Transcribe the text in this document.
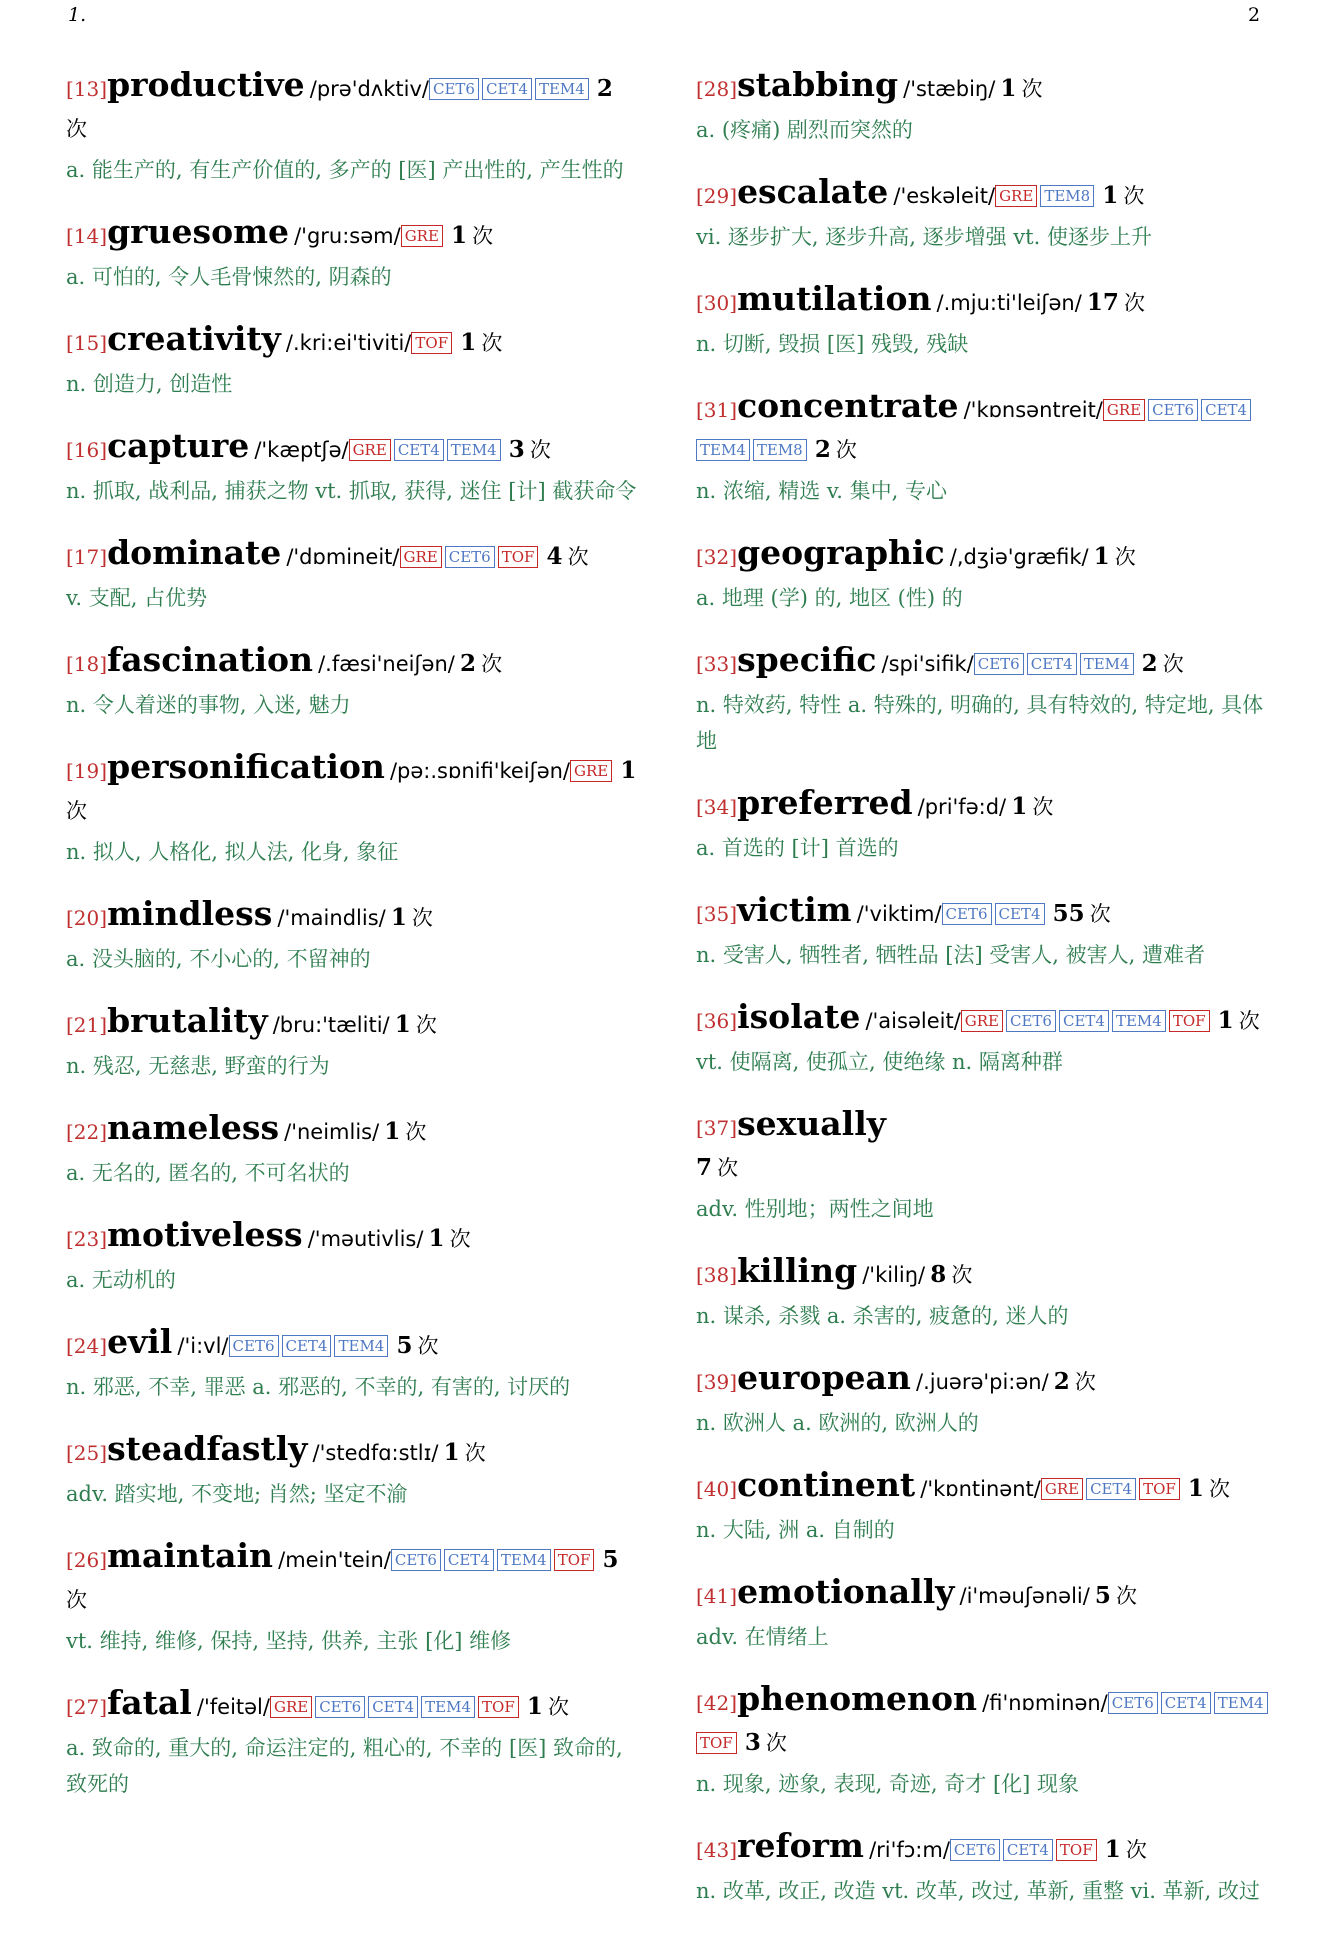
1.	2
[13]productive /prə'dʌktiv/ CET6 CET4 TEM4 2 次
a. 能生产的, 有生产价值的, 多产的 [医] 产出性的, 产生性的
[14]gruesome /'gru:səm/ GRE 1 次
a. 可怕的, 令人毛骨悚然的, 阴森的
[15]creativity /.kri:ei'tiviti/ TOF 1 次
n. 创造力, 创造性
[16]capture /'kæptʃə/ GRE CET4 TEM4 3 次
n. 抓取, 战利品, 捕获之物 vt. 抓取, 获得, 迷住 [计] 截获命令
[17]dominate /'dɒmineit/ GRE CET6 TOF 4 次
v. 支配, 占优势
[18]fascination /.fæsi'neiʃən/ 2 次
n. 令人着迷的事物, 入迷, 魅力
[19]personification /pə:.sɒnifi'keiʃən/ GRE 1
次
n. 拟人, 人格化, 拟人法, 化身, 象征
[20]mindless /'maindlis/ 1 次
a. 没头脑的, 不小心的, 不留神的
[21]brutality /bru:'tæliti/ 1 次
n. 残忍, 无慈悲, 野蛮的行为
[22]nameless /'neimlis/ 1 次
a. 无名的, 匿名的, 不可名状的
[23]motiveless /'məutivlis/ 1 次
a. 无动机的
[24]evil /'i:vl/ CET6 CET4 TEM4 5 次
n. 邪恶, 不幸, 罪恶 a. 邪恶的, 不幸的, 有害的, 讨厌的
[25]steadfastly /'stedfɑ:stlɪ/ 1 次
adv. 踏实地, 不变地; 肖然; 坚定不渝
[26]maintain /mein'tein/ CET6 CET4 TEM4 TOF 5
次
vt. 维持, 维修, 保持, 坚持, 供养, 主张 [化] 维修
[27]fatal /'feitəl/ GRE CET6 CET4 TEM4 TOF 1 次
a. 致命的, 重大的, 命运注定的, 粗心的, 不幸的 [医] 致命的, 致死的
[28]stabbing /'stæbiŋ/ 1 次
a. (疼痛) 剧烈而突然的
[29]escalate /'eskəleit/ GRE TEM8 1 次
vi. 逐步扩大, 逐步升高, 逐步增强 vt. 使逐步上升
[30]mutilation /.mju:ti'leiʃən/ 17 次
n. 切断, 毁损 [医] 残毁, 残缺
[31]concentrate /'kɒnsəntreit/ GRE CET6 CET4TEM4 TEM8 2 次
n. 浓缩, 精选 v. 集中, 专心
[32]geographic /,dʒiə'græfik/ 1 次
a. 地理 (学) 的, 地区 (性) 的
[33]specific /spi'sifik/ CET6 CET4 TEM4 2 次
n. 特效药, 特性 a. 特殊的, 明确的, 具有特效的, 特定地, 具体地
[34]preferred /pri'fə:d/ 1 次
a. 首选的 [计] 首选的
[35]victim /'viktim/ CET6 CET4 55 次
n. 受害人, 牺牲者, 牺牲品 [法] 受害人, 被害人, 遭难者
[36]isolate /'aisəleit/ GRE CET6 CET4 TEM4 TOF 1 次
vt. 使隔离, 使孤立, 使绝缘 n. 隔离种群
[37]sexually
7 次
adv. 性别地；两性之间地
[38]killing /'kiliŋ/ 8 次
n. 谋杀, 杀戮 a. 杀害的, 疲惫的, 迷人的
[39]european /.juərə'pi:ən/ 2 次
n. 欧洲人 a. 欧洲的, 欧洲人的
[40]continent /'kɒntinənt/ GRE CET4 TOF 1 次
n. 大陆, 洲 a. 自制的
[41]emotionally /i'məuʃənəli/ 5 次
adv. 在情绪上
[42]phenomenon /fi'nɒminən/ CET6 CET4 TEM4TOF 3 次
n. 现象, 迹象, 表现, 奇迹, 奇才 [化] 现象
[43]reform /ri'fɔ:m/ CET6 CET4 TOF 1 次
n. 改革, 改正, 改造 vt. 改革, 改过, 革新, 重整 vi. 革新, 改过
